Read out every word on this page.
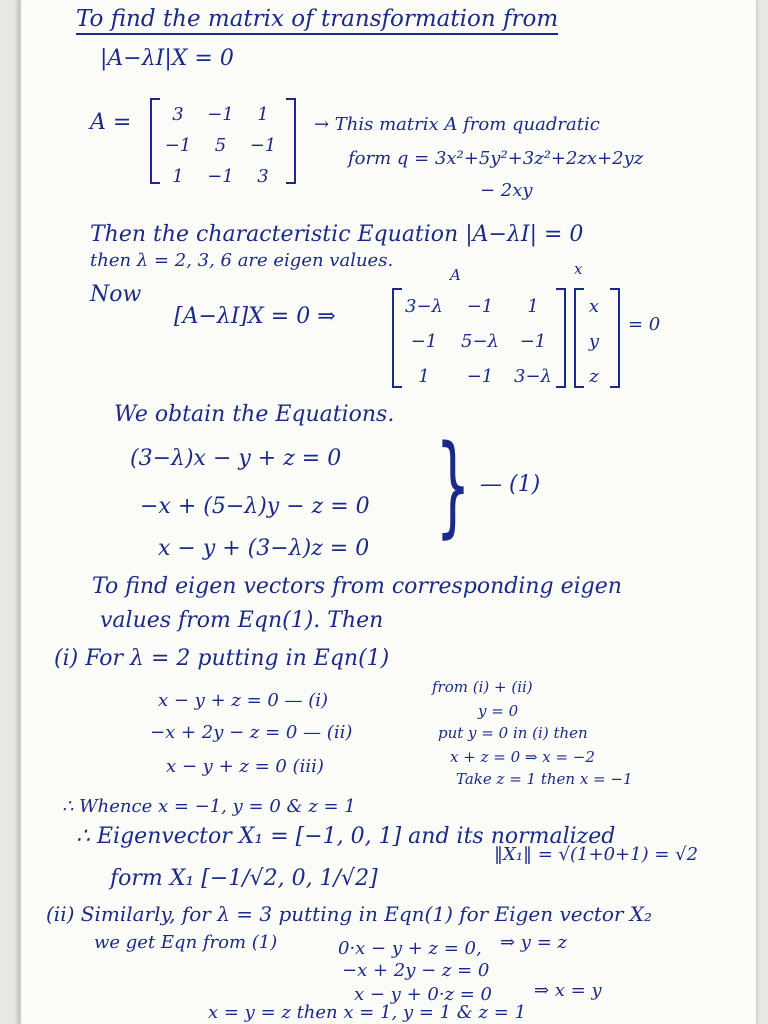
To find the matrix of transformation from
|A−λI|X = 0
A =	3	−1	1
−1	5	−1
1	−1	3
→ This matrix A from quadratic
form q = 3x²+5y²+3z²+2zx+2yz
− 2xy
Then the characteristic Equation |A−λI| = 0
then λ = 2, 3, 6 are eigen values.
A	x
Now
[A−λI]X = 0 ⇒	3−λ	−1	1
−1	5−λ	−1
1	−1	3−λ
x
y
z
= 0
We obtain the Equations.
(3−λ)x − y + z = 0
−x + (5−λ)y − z = 0
x − y + (3−λ)z = 0 } — (1)
To find eigen vectors from corresponding eigen
values from Eqn(1). Then
(i) For λ = 2 putting in Eqn(1)
x − y + z = 0 — (i)
−x + 2y − z = 0 — (ii)
x − y + z = 0 (iii)
from (i) + (ii)
y = 0
put y = 0 in (i) then
x + z = 0 ⇒ x = −2
Take z = 1 then x = −1
∴ Whence x = −1, y = 0 & z = 1
∴ Eigenvector X₁ = [−1, 0, 1] and its normalized
‖X₁‖ = √(1+0+1) = √2
form X₁ [−1/√2, 0, 1/√2]
(ii) Similarly, for λ = 3 putting in Eqn(1) for Eigen vector X₂
we get Eqn from (1)	0·x − y + z = 0, ⇒ y = z
−x + 2y − z = 0
x − y + 0·z = 0 ⇒ x = y
x = y = z then x = 1, y = 1 & z = 1
